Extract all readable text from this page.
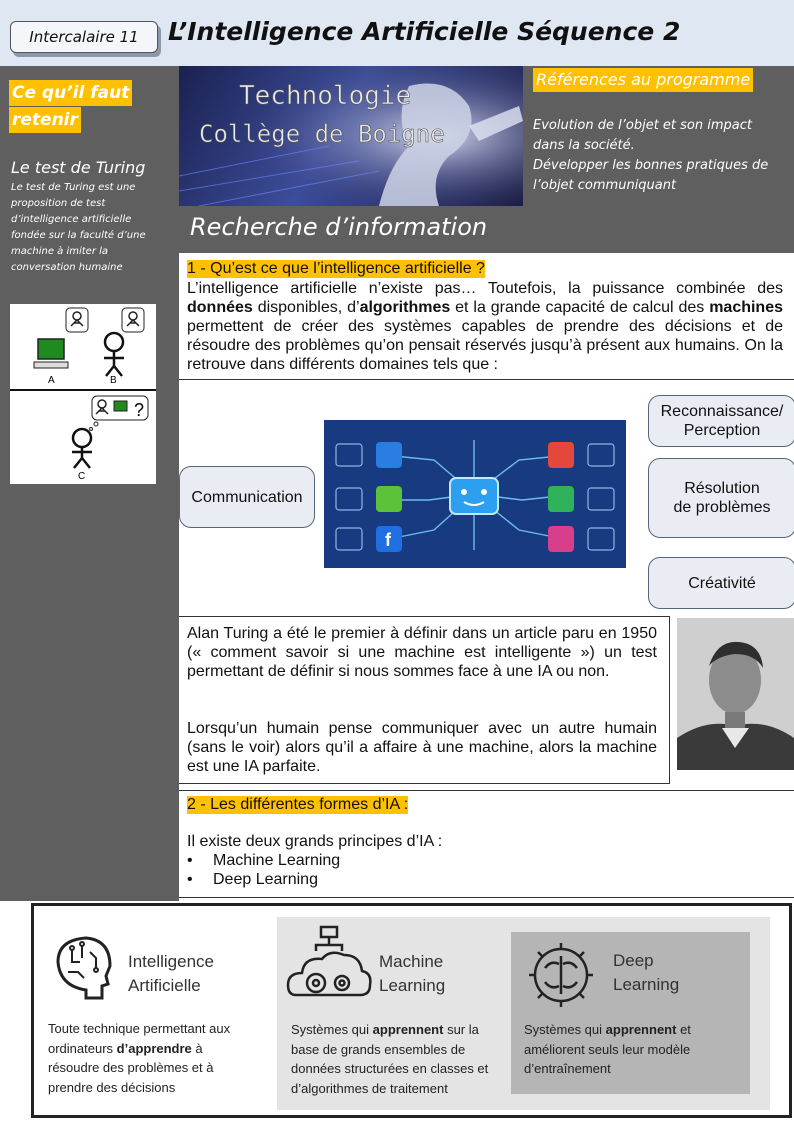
Intercalaire 11	L’Intelligence Artificielle Séquence 2
Ce qu’il faut
retenir
Le test de Turing
Le test de Turing est une proposition de test d’intelligence artificielle fondée sur la faculté d’une machine à imiter la conversation humaine
A	B
?
C
Technologie
Collège de Boigne
Références au programme
Evolution de l’objet et son impact dans la société.
Développer les bonnes pratiques de l’objet communiquant
Recherche d’information
1 - Qu’est ce que l’intelligence artificielle ?
L’intelligence artificielle n’existe pas… Toutefois, la puissance combinée des données disponibles, d’algorithmes et la grande capacité de calcul des machines permettent de créer des systèmes capables de prendre des décisions et de résoudre des problèmes qu’on pensait réservés jusqu’à présent aux humains. On la retrouve dans différents domaines tels que :
Communication
Reconnaissance/
Perception
Résolution
de problèmes
Créativité
f
Alan Turing a été le premier à définir dans un article paru en 1950 (« comment savoir si une machine est intelligente ») un test permettant de définir si nous sommes face à une IA ou non.
Lorsqu’un humain pense communiquer avec un autre humain (sans le voir) alors qu’il a affaire à une machine, alors la machine est une IA parfaite.
2 - Les différentes formes d’IA :
Il existe deux grands principes d’IA :
• Machine Learning
• Deep Learning
Intelligence
Artificielle
Toute technique permettant aux ordinateurs d’apprendre à résoudre des problèmes et à prendre des décisions
Machine
Learning
Systèmes qui apprennent sur la base de grands ensembles de données structurées en classes et d’algorithmes de traitement
Deep
Learning
Systèmes qui apprennent et améliorent seuls leur modèle d’entraînement
